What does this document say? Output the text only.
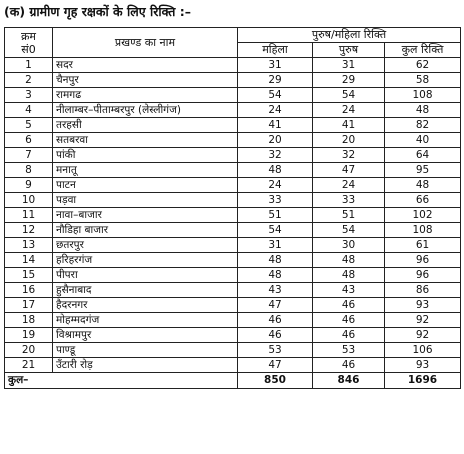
(क) ग्रामीण गृह रक्षकों के लिए रिक्ति :–
क्रम
सं0	प्रखण्ड का नाम	पुरुष/महिला रिक्ति		
		महिला	पुरुष	कुल रिक्ति
1	सदर	31	31	62
2	चैनपुर	29	29	58
3	रामगढ	54	54	108
4	नीलाम्बर–पीताम्बरपुर (लेस्लीगंज)	24	24	48
5	तरहसी	41	41	82
6	सतबरवा	20	20	40
7	पांकी	32	32	64
8	मनातू	48	47	95
9	पाटन	24	24	48
10	पड़वा	33	33	66
11	नावा–बाजार	51	51	102
12	नौडिहा बाजार	54	54	108
13	छतरपुर	31	30	61
14	हरिहरगंज	48	48	96
15	पीपरा	48	48	96
16	हुसैनाबाद	43	43	86
17	हैदरनगर	47	46	93
18	मोहम्मदगंज	46	46	92
19	विश्रामपुर	46	46	92
20	पाण्डू	53	53	106
21	उँटारी रोड़	47	46	93
कुल–		850	846	1696
